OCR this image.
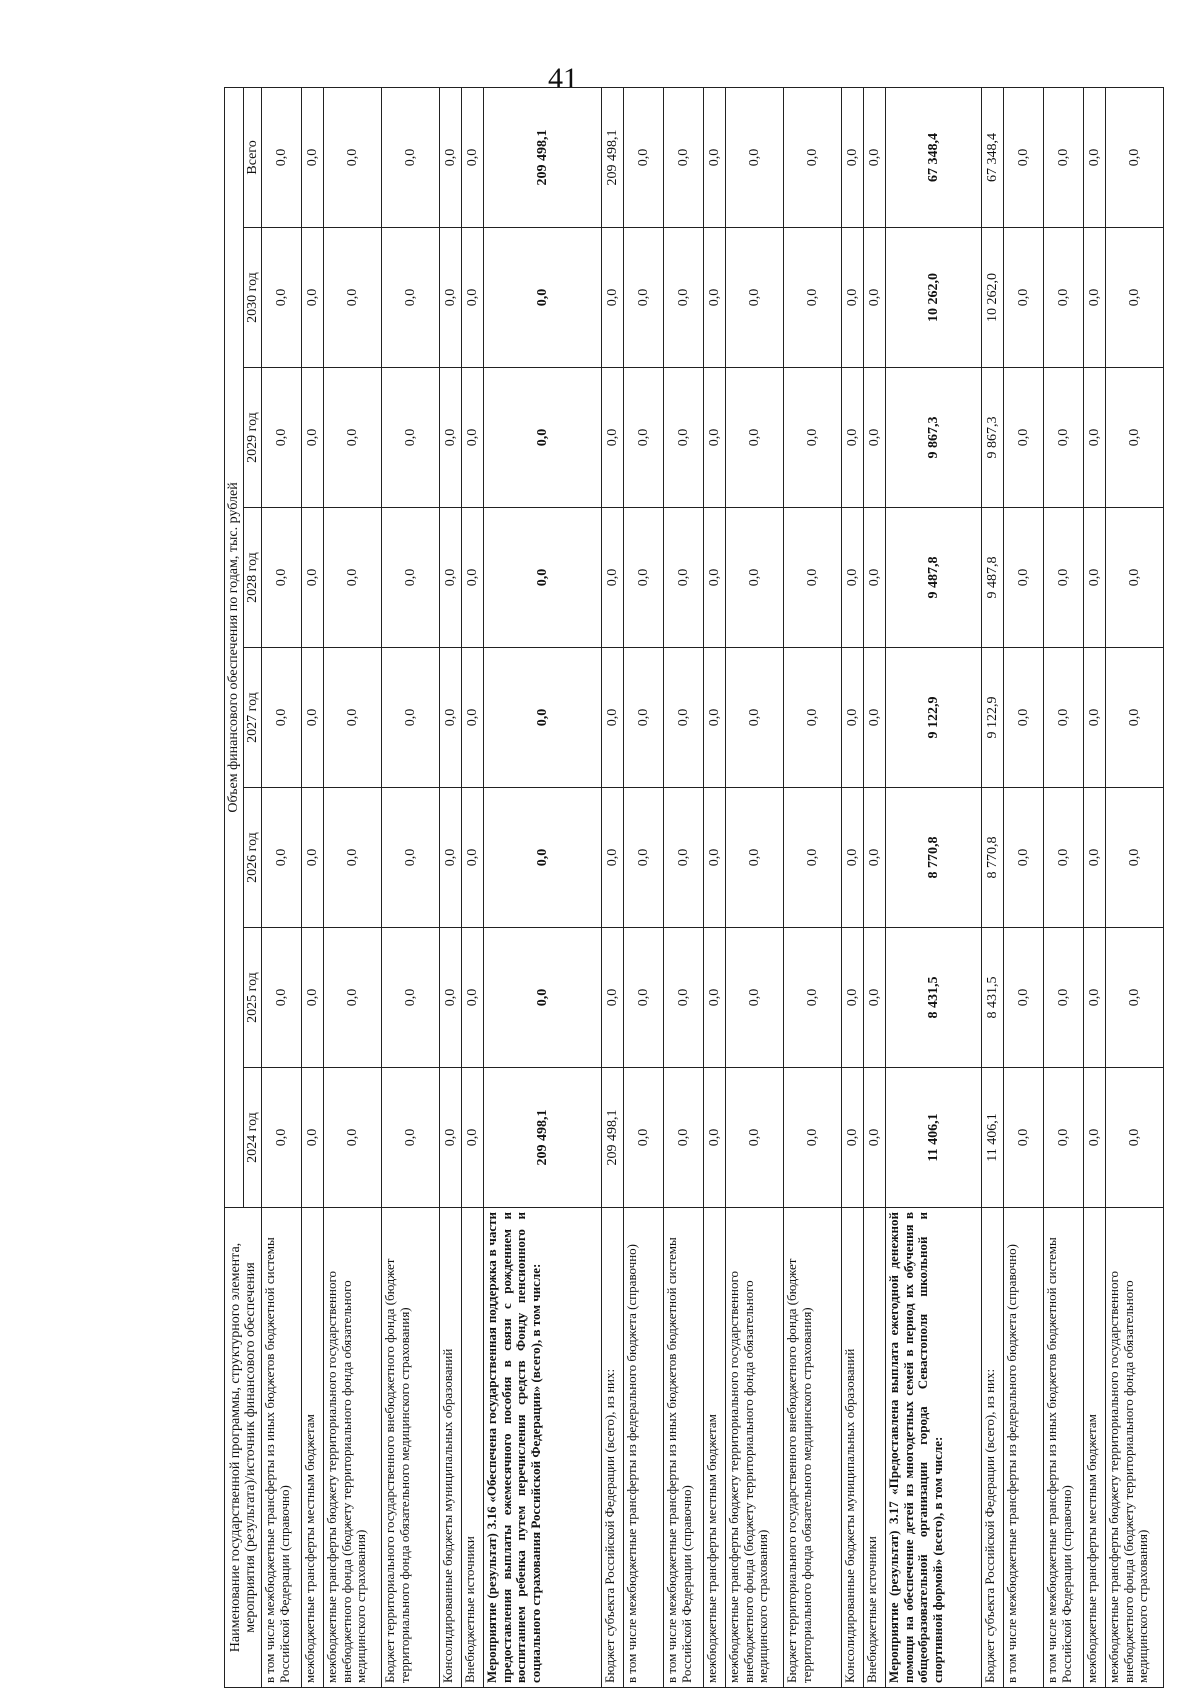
41
Наименование государственной программы, структурного элемента, мероприятия (результата)/источник финансового обеспечения	Объем финансового обеспечения по годам, тыс. рублей							
	2024 год	2025 год	2026 год	2027 год	2028 год	2029 год	2030 год	Всего
в том числе межбюджетные трансферты из иных бюджетов бюджетной системы Российской Федерации (справочно)	0,0	0,0	0,0	0,0	0,0	0,0	0,0	0,0
межбюджетные трансферты местным бюджетам	0,0	0,0	0,0	0,0	0,0	0,0	0,0	0,0
межбюджетные трансферты бюджету территориального государственного внебюджетного фонда (бюджету территориального фонда обязательного медицинского страхования)	0,0	0,0	0,0	0,0	0,0	0,0	0,0	0,0
Бюджет территориального государственного внебюджетного фонда (бюджет территориального фонда обязательного медицинского страхования)	0,0	0,0	0,0	0,0	0,0	0,0	0,0	0,0
Консолидированные бюджеты муниципальных образований	0,0	0,0	0,0	0,0	0,0	0,0	0,0	0,0
Внебюджетные источники	0,0	0,0	0,0	0,0	0,0	0,0	0,0	0,0
Мероприятие (результат) 3.16 «Обеспечена государственная поддержка в части предоставления выплаты ежемесячного пособия в связи с рождением и воспитанием ребенка путем перечисления средств Фонду пенсионного и социального страхования Российской Федерации» (всего), в том числе:	209 498,1	0,0	0,0	0,0	0,0	0,0	0,0	209 498,1
Бюджет субъекта Российской Федерации (всего), из них:	209 498,1	0,0	0,0	0,0	0,0	0,0	0,0	209 498,1
в том числе межбюджетные трансферты из федерального бюджета (справочно)	0,0	0,0	0,0	0,0	0,0	0,0	0,0	0,0
в том числе межбюджетные трансферты из иных бюджетов бюджетной системы Российской Федерации (справочно)	0,0	0,0	0,0	0,0	0,0	0,0	0,0	0,0
межбюджетные трансферты местным бюджетам	0,0	0,0	0,0	0,0	0,0	0,0	0,0	0,0
межбюджетные трансферты бюджету территориального государственного внебюджетного фонда (бюджету территориального фонда обязательного медицинского страхования)	0,0	0,0	0,0	0,0	0,0	0,0	0,0	0,0
Бюджет территориального государственного внебюджетного фонда (бюджет территориального фонда обязательного медицинского страхования)	0,0	0,0	0,0	0,0	0,0	0,0	0,0	0,0
Консолидированные бюджеты муниципальных образований	0,0	0,0	0,0	0,0	0,0	0,0	0,0	0,0
Внебюджетные источники	0,0	0,0	0,0	0,0	0,0	0,0	0,0	0,0
Мероприятие (результат) 3.17 «Предоставлена выплата ежегодной денежной помощи на обеспечение детей из многодетных семей в период их обучения в общеобразовательной организации города Севастополя школьной и спортивной формой» (всего), в том числе:	11 406,1	8 431,5	8 770,8	9 122,9	9 487,8	9 867,3	10 262,0	67 348,4
Бюджет субъекта Российской Федерации (всего), из них:	11 406,1	8 431,5	8 770,8	9 122,9	9 487,8	9 867,3	10 262,0	67 348,4
в том числе межбюджетные трансферты из федерального бюджета (справочно)	0,0	0,0	0,0	0,0	0,0	0,0	0,0	0,0
в том числе межбюджетные трансферты из иных бюджетов бюджетной системы Российской Федерации (справочно)	0,0	0,0	0,0	0,0	0,0	0,0	0,0	0,0
межбюджетные трансферты местным бюджетам	0,0	0,0	0,0	0,0	0,0	0,0	0,0	0,0
межбюджетные трансферты бюджету территориального государственного внебюджетного фонда (бюджету территориального фонда обязательного медицинского страхования)	0,0	0,0	0,0	0,0	0,0	0,0	0,0	0,0
